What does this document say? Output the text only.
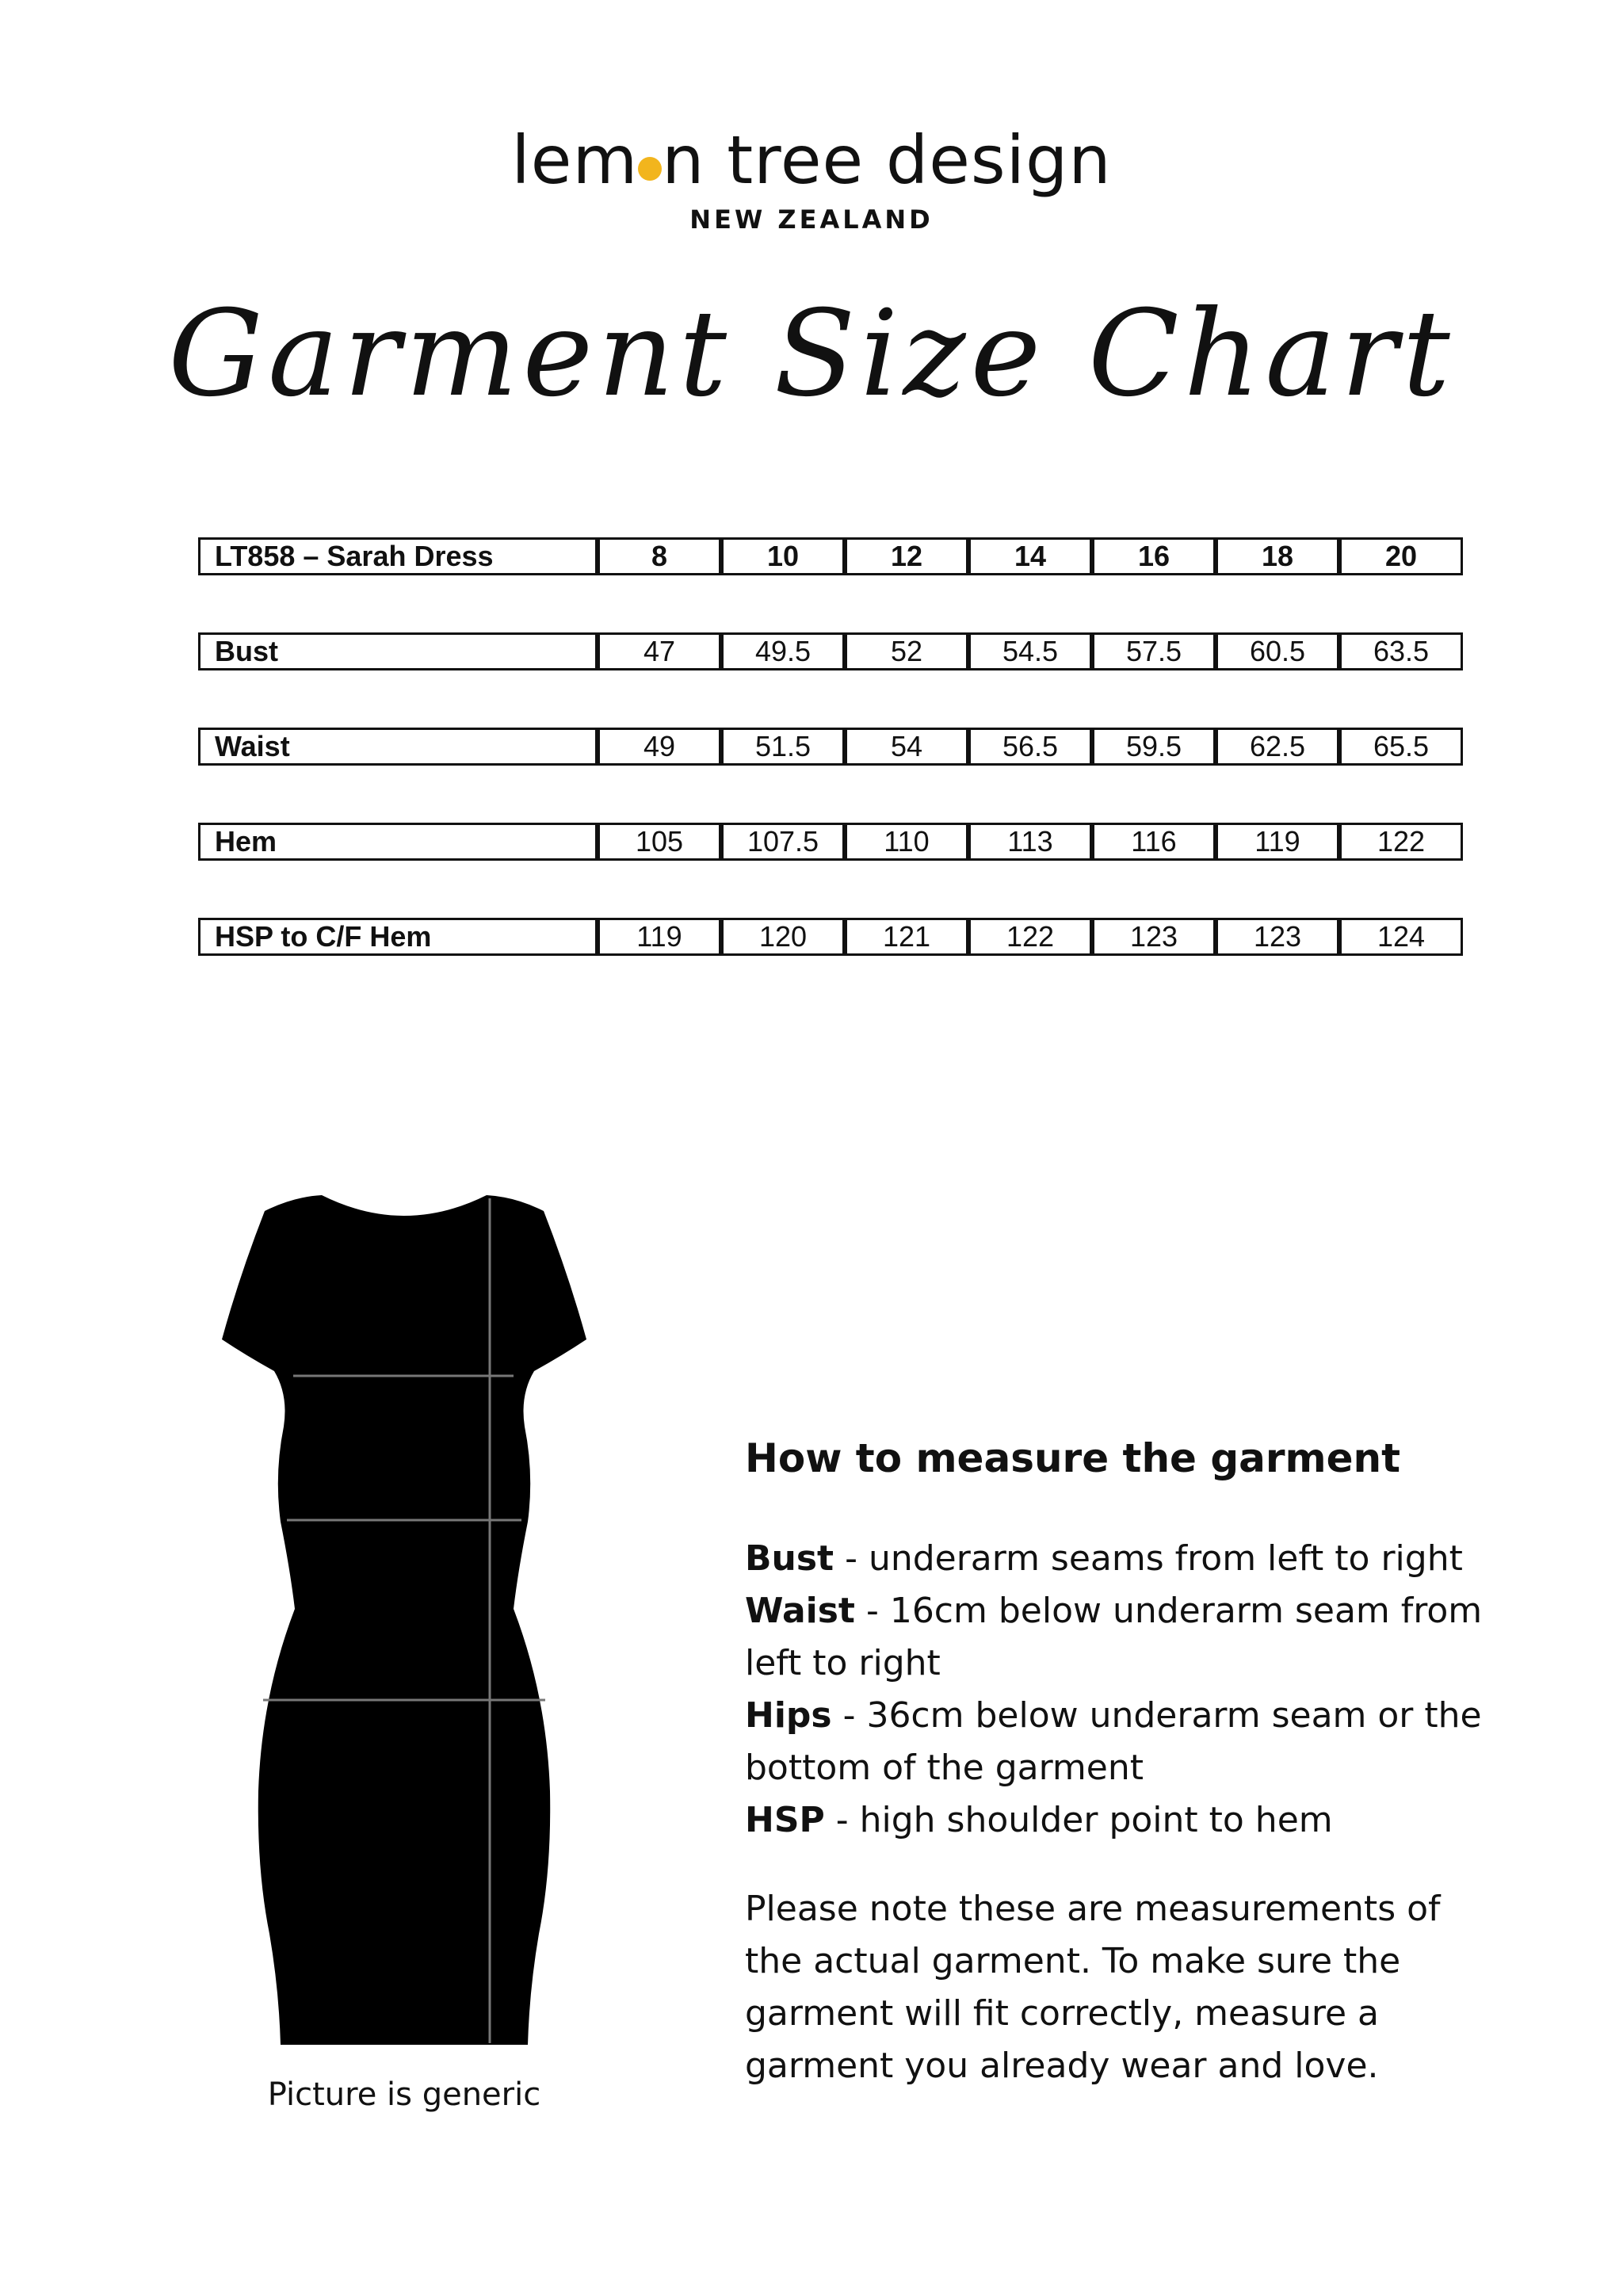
lem n tree design
NEW ZEALAND
Garment Size Chart
LT858 – Sarah Dress	8	10	12	14	16	18	20

Bust	47	49.5	52	54.5	57.5	60.5	63.5

Waist	49	51.5	54	56.5	59.5	62.5	65.5

Hem	105	107.5	110	113	116	119	122

HSP to C/F Hem	119	120	121	122	123	123	124
Picture is generic
How to measure the garment

Bust - underarm seams from left to right

Waist - 16cm below underarm seam from left to right

Hips - 36cm below underarm seam or the bottom of the garment

HSP - high shoulder point to hem

Please note these are measurements of the actual garment. To make sure the garment will fit correctly, measure a garment you already wear and love.
